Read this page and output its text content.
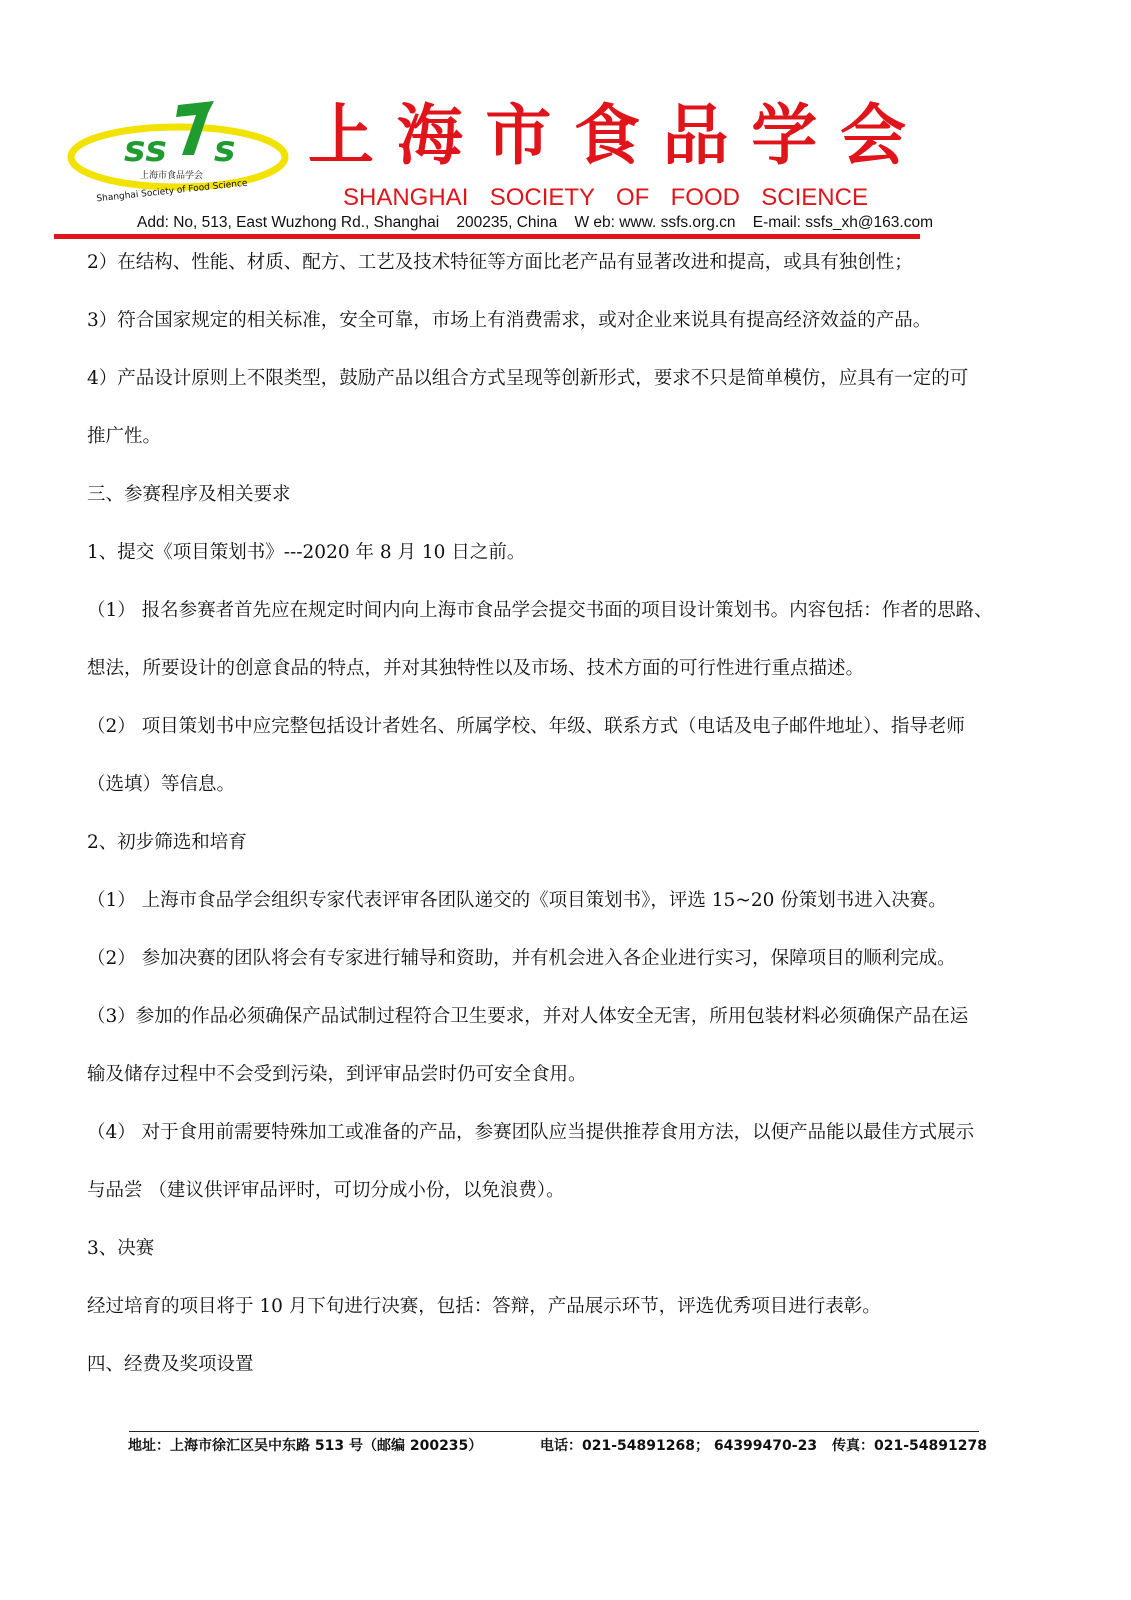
ss s
上海市食品学会
Shanghai Society of Food Science
上 海 市 食 品 学 会
SHANGHAI  SOCIETY  OF  FOOD  SCIENCE
Add: No, 513, East Wuzhong Rd., Shanghai    200235, China    W eb: www. ssfs.org.cn    E-mail: ssfs_xh@163.com
2）在结构、性能、材质、配方、工艺及技术特征等方面比老产品有显著改进和提高，或具有独创性；
3）符合国家规定的相关标准，安全可靠，市场上有消费需求，或对企业来说具有提高经济效益的产品。
4）产品设计原则上不限类型，鼓励产品以组合方式呈现等创新形式，要求不只是简单模仿，应具有一定的可
推广性。
三、参赛程序及相关要求
1、提交《项目策划书》---2020 年 8 月 10 日之前。
（1） 报名参赛者首先应在规定时间内向上海市食品学会提交书面的项目设计策划书。内容包括：作者的思路、
想法，所要设计的创意食品的特点，并对其独特性以及市场、技术方面的可行性进行重点描述。
（2） 项目策划书中应完整包括设计者姓名、所属学校、年级、联系方式（电话及电子邮件地址）、指导老师
（选填）等信息。
2、初步筛选和培育
（1） 上海市食品学会组织专家代表评审各团队递交的《项目策划书》，评选 15~20 份策划书进入决赛。
（2） 参加决赛的团队将会有专家进行辅导和资助，并有机会进入各企业进行实习，保障项目的顺利完成。
（3）参加的作品必须确保产品试制过程符合卫生要求，并对人体安全无害，所用包装材料必须确保产品在运
输及储存过程中不会受到污染，到评审品尝时仍可安全食用。
（4） 对于食用前需要特殊加工或准备的产品，参赛团队应当提供推荐食用方法，以便产品能以最佳方式展示
与品尝 （建议供评审品评时，可切分成小份，以免浪费）。
3、决赛
经过培育的项目将于 10 月下旬进行决赛，包括：答辩，产品展示环节，评选优秀项目进行表彰。
四、经费及奖项设置
地址：上海市徐汇区吴中东路 513 号（邮编 200235）	电话：021-54891268； 64399470-23 传真：021-54891278
